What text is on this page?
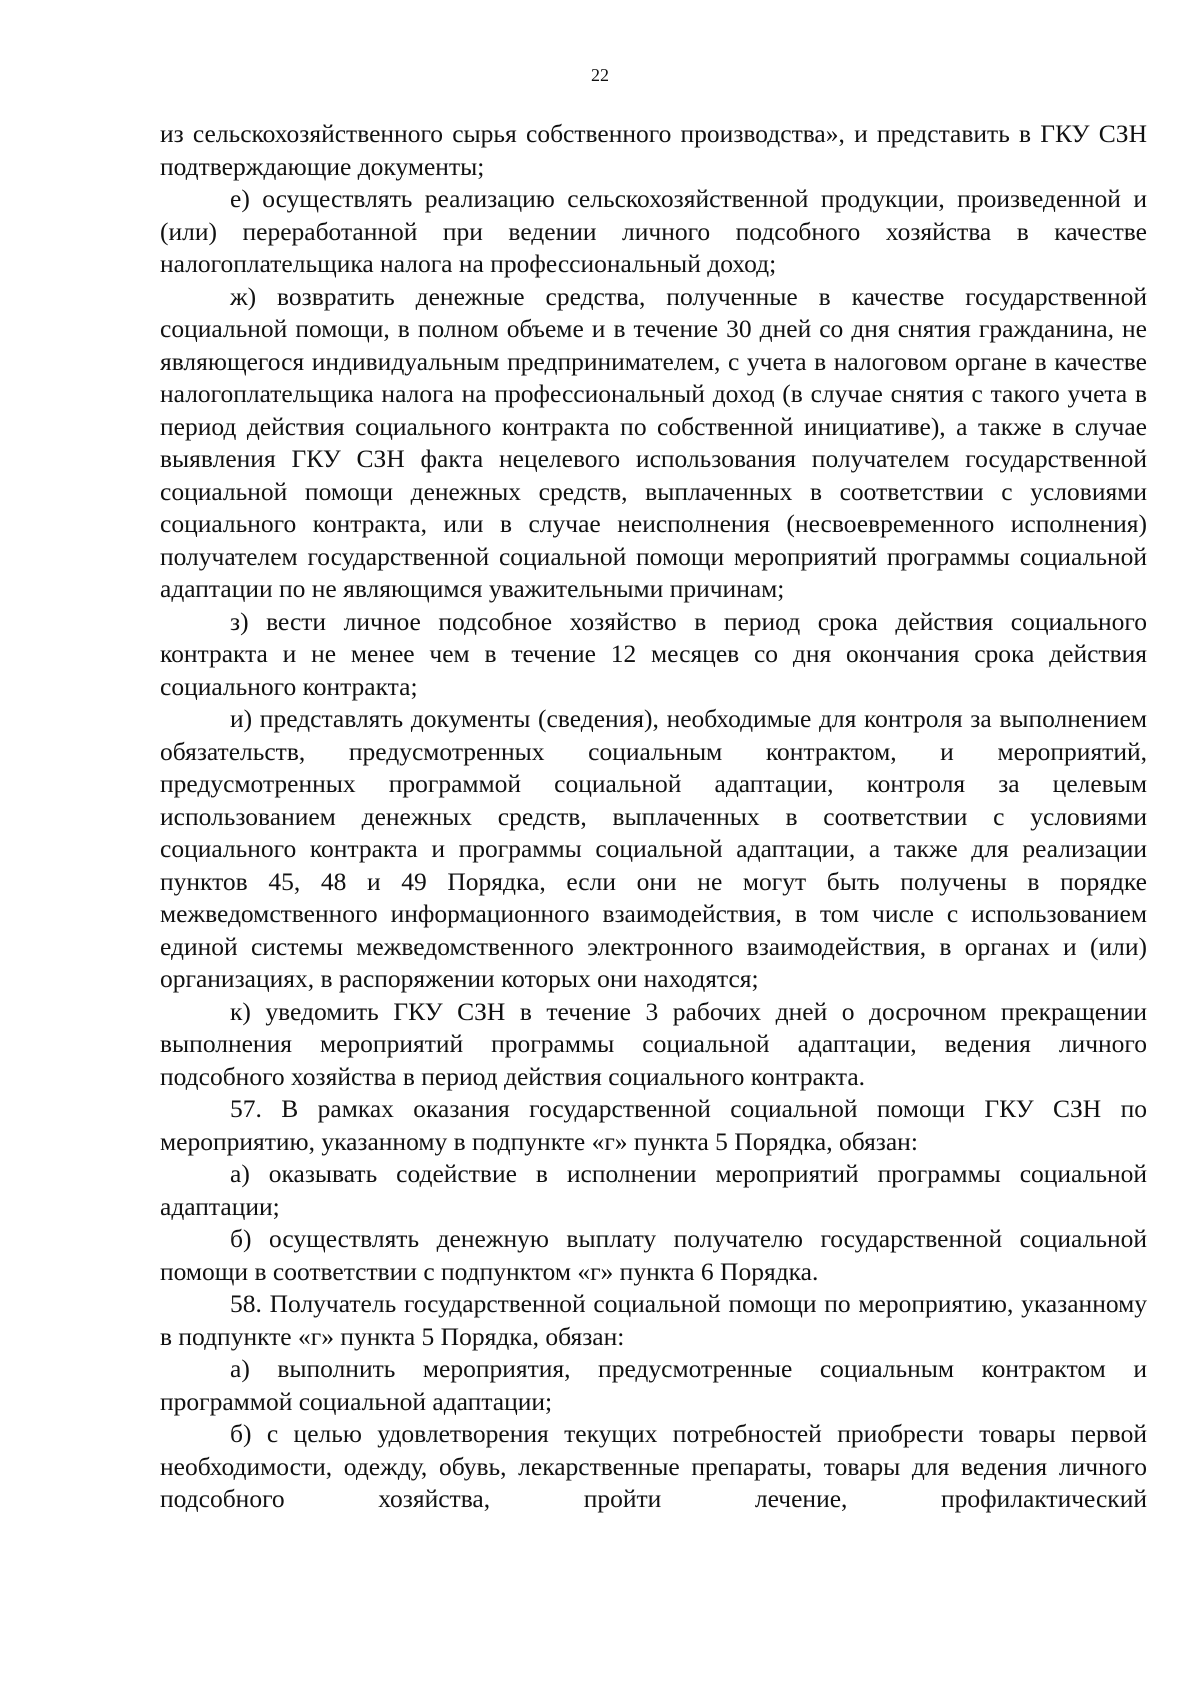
22

из сельскохозяйственного сырья собственного производства», и представить в ГКУ СЗН подтверждающие документы;

е) осуществлять реализацию сельскохозяйственной продукции, произведенной и (или) переработанной при ведении личного подсобного хозяйства в качестве налогоплательщика налога на профессиональный доход;

ж) возвратить денежные средства, полученные в качестве государственной социальной помощи, в полном объеме и в течение 30 дней со дня снятия гражданина, не являющегося индивидуальным предпринимателем, с учета в налоговом органе в качестве налогоплательщика налога на профессиональный доход (в случае снятия с такого учета в период действия социального контракта по собственной инициативе), а также в случае выявления ГКУ СЗН факта нецелевого использования получателем государственной социальной помощи денежных средств, выплаченных в соответствии с условиями социального контракта, или в случае неисполнения (несвоевременного исполнения) получателем государственной социальной помощи мероприятий программы социальной адаптации по не являющимся уважительными причинам;

з) вести личное подсобное хозяйство в период срока действия социального контракта и не менее чем в течение 12 месяцев со дня окончания срока действия социального контракта;

и) представлять документы (сведения), необходимые для контроля за выполнением обязательств, предусмотренных социальным контрактом, и мероприятий, предусмотренных программой социальной адаптации, контроля за целевым использованием денежных средств, выплаченных в соответствии с условиями социального контракта и программы социальной адаптации, а также для реализации пунктов 45, 48 и 49 Порядка, если они не могут быть получены в порядке межведомственного информационного взаимодействия, в том числе с использованием единой системы межведомственного электронного взаимодействия, в органах и (или) организациях, в распоряжении которых они находятся;

к) уведомить ГКУ СЗН в течение 3 рабочих дней о досрочном прекращении выполнения мероприятий программы социальной адаптации, ведения личного подсобного хозяйства в период действия социального контракта.

57. В рамках оказания государственной социальной помощи ГКУ СЗН по мероприятию, указанному в подпункте «г» пункта 5 Порядка, обязан:

а) оказывать содействие в исполнении мероприятий программы социальной адаптации;

б) осуществлять денежную выплату получателю государственной социальной помощи в соответствии с подпунктом «г» пункта 6 Порядка.

58. Получатель государственной социальной помощи по мероприятию, указанному в подпункте «г» пункта 5 Порядка, обязан:

а) выполнить мероприятия, предусмотренные социальным контрактом и программой социальной адаптации;

б) с целью удовлетворения текущих потребностей приобрести товары первой необходимости, одежду, обувь, лекарственные препараты, товары для ведения личного подсобного хозяйства, пройти лечение, профилактический
